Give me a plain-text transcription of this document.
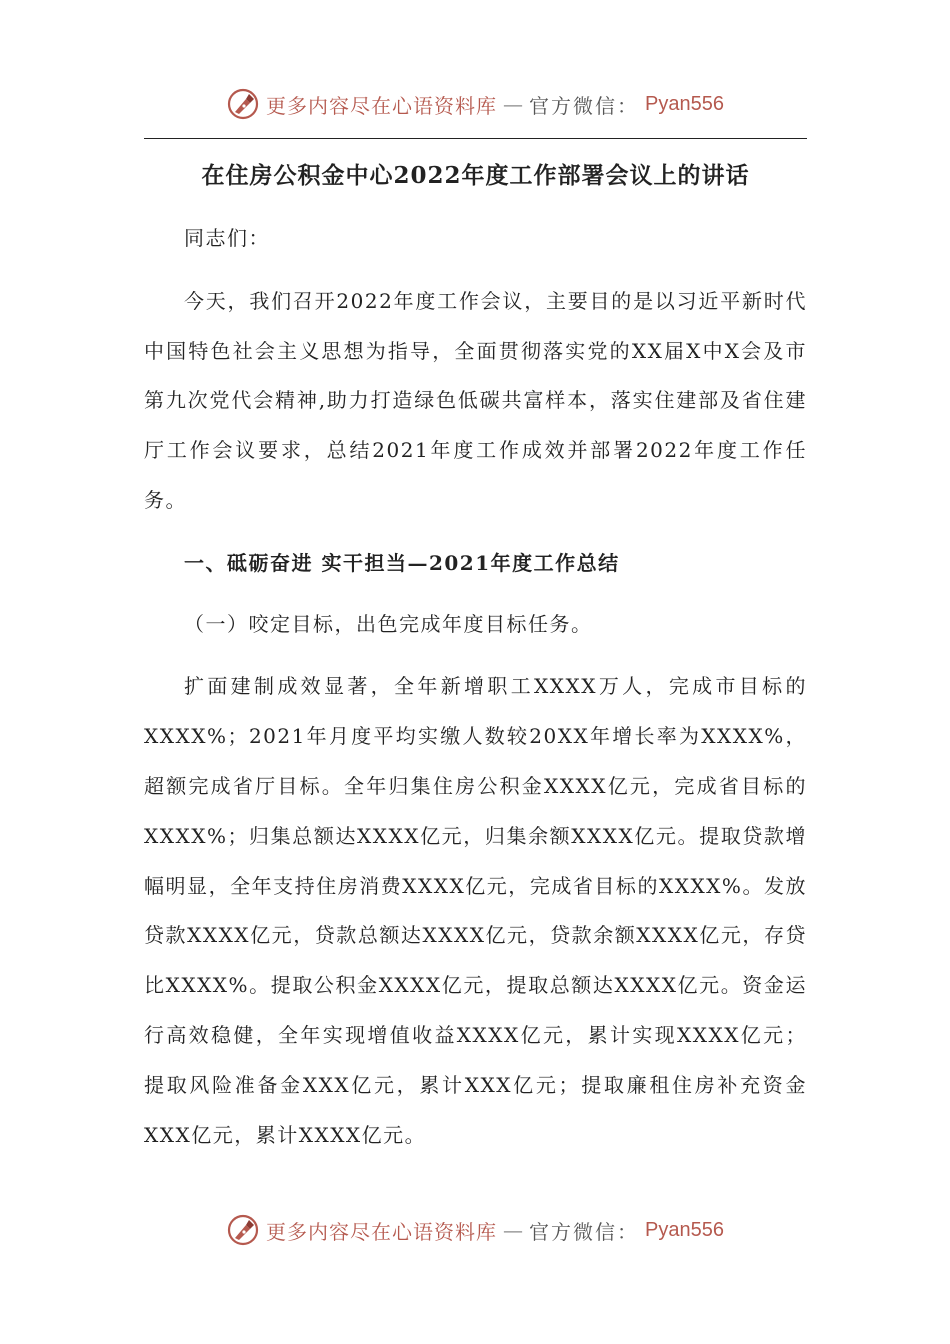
更多内容尽在心语资料库 — 官方微信： Pyan556
在住房公积金中心2022年度工作部署会议上的讲话

同志们：

今天，我们召开2022年度工作会议，主要目的是以习近平新时代中国特色社会主义思想为指导，全面贯彻落实党的XX届X中X会及市第九次党代会精神,助力打造绿色低碳共富样本，落实住建部及省住建厅工作会议要求，总结2021年度工作成效并部署2022年度工作任务。

一、砥砺奋进 实干担当—2021年度工作总结

（一）咬定目标，出色完成年度目标任务。

扩面建制成效显著，全年新增职工XXXX万人，完成市目标的XXXX%；2021年月度平均实缴人数较20XX年增长率为XXXX%，超额完成省厅目标。全年归集住房公积金XXXX亿元，完成省目标的XXXX%；归集总额达XXXX亿元，归集余额XXXX亿元。提取贷款增幅明显，全年支持住房消费XXXX亿元，完成省目标的XXXX%。发放贷款XXXX亿元，贷款总额达XXXX亿元，贷款余额XXXX亿元，存贷比XXXX%。提取公积金XXXX亿元，提取总额达XXXX亿元。资金运行高效稳健，全年实现增值收益XXXX亿元，累计实现XXXX亿元；提取风险准备金XXX亿元，累计XXX亿元；提取廉租住房补充资金XXX亿元，累计XXXX亿元。

更多内容尽在心语资料库 — 官方微信： Pyan556
